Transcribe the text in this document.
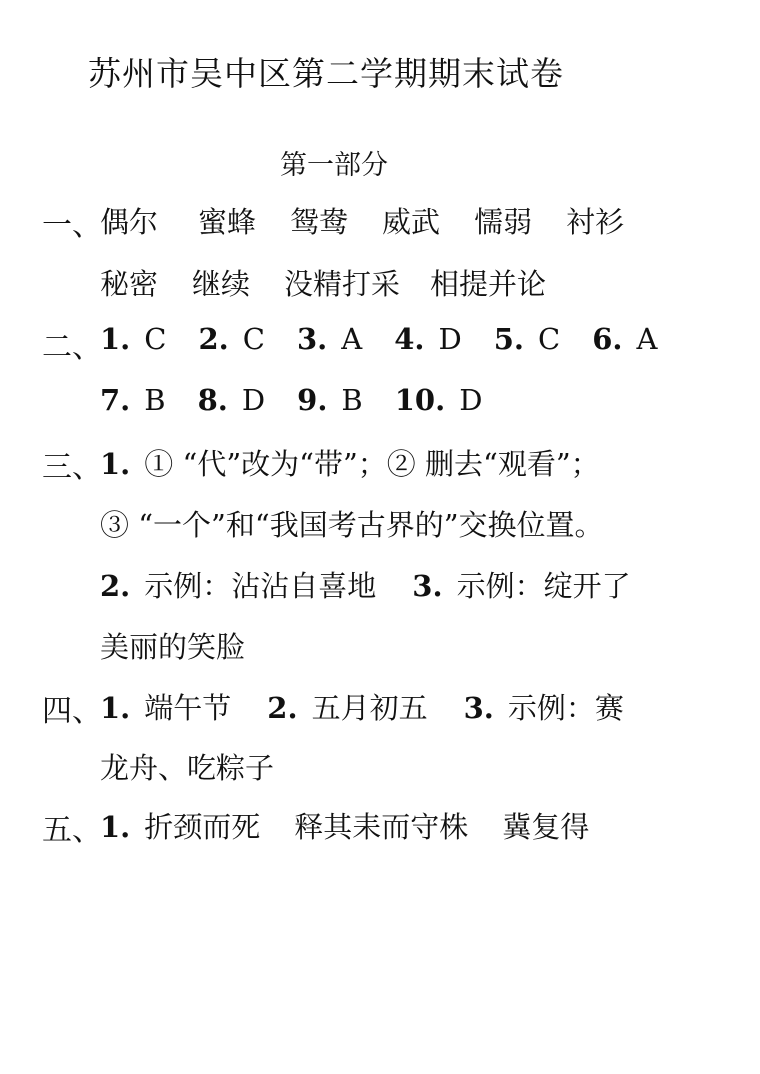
苏州市吴中区第二学期期末试卷
第一部分
一、
偶尔 蜜蜂 鸳鸯 威武 懦弱 衬衫
秘密 继续 没精打采 相提并论
二、
1. C 2. C 3. A 4. D 5. C 6. A
7. B 8. D 9. B 10. D
三、
1. ① “代”改为“带”；② 删去“观看”；
③ “一个”和“我国考古界的”交换位置。
2. 示例：沾沾自喜地 3. 示例：绽开了
美丽的笑脸
四、
1. 端午节 2. 五月初五 3. 示例：赛
龙舟、吃粽子
五、
1. 折颈而死 释其耒而守株 冀复得
